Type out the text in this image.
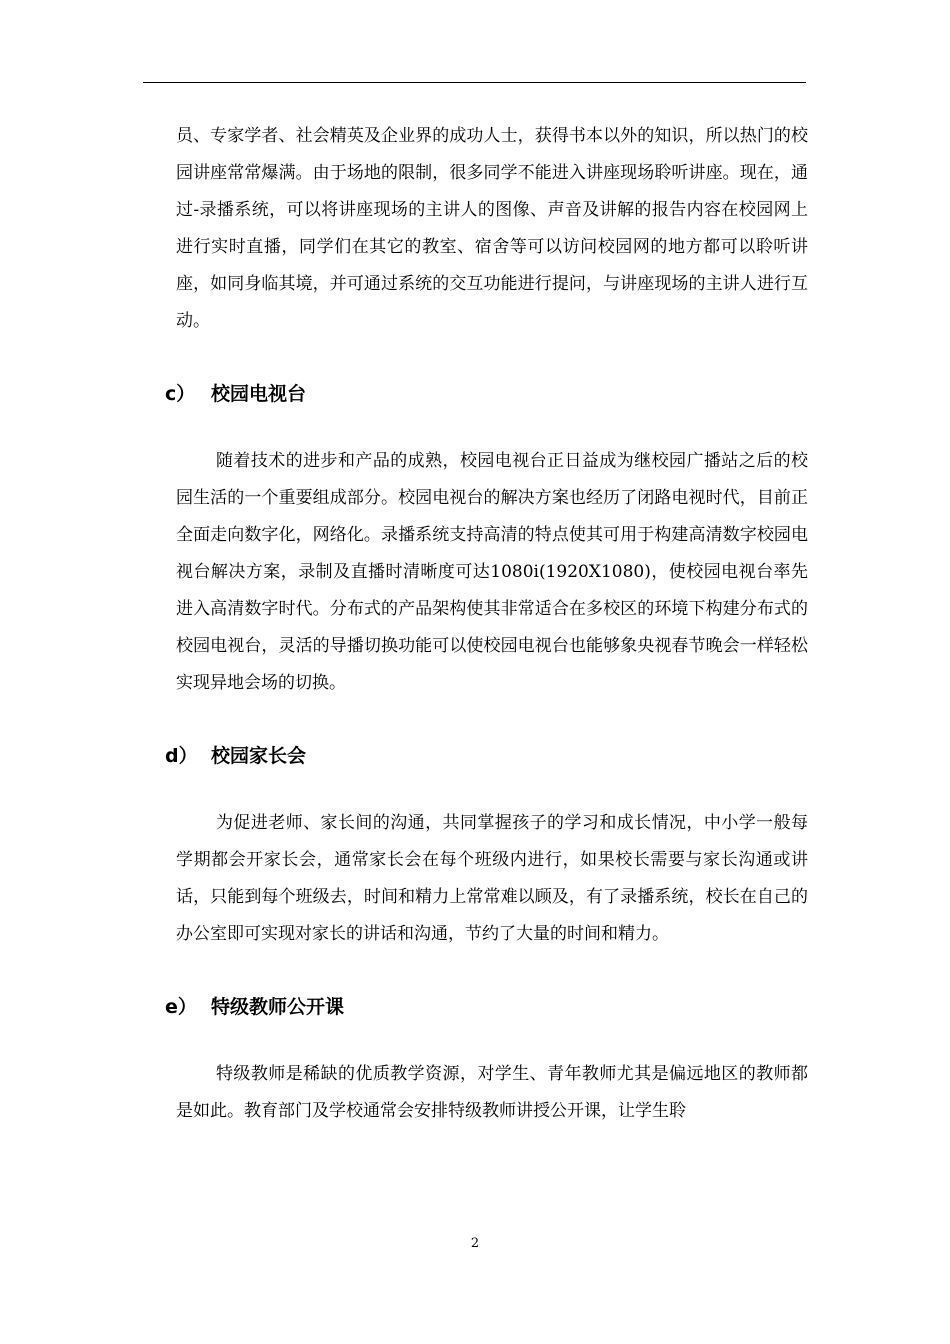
员、专家学者、社会精英及企业界的成功人士，获得书本以外的知识，所以热门的校园讲座常常爆满。由于场地的限制，很多同学不能进入讲座现场聆听讲座。现在，通过-录播系统，可以将讲座现场的主讲人的图像、声音及讲解的报告内容在校园网上进行实时直播，同学们在其它的教室、宿舍等可以访问校园网的地方都可以聆听讲座，如同身临其境，并可通过系统的交互功能进行提问，与讲座现场的主讲人进行互动。

c） 校园电视台

随着技术的进步和产品的成熟，校园电视台正日益成为继校园广播站之后的校园生活的一个重要组成部分。校园电视台的解决方案也经历了闭路电视时代，目前正全面走向数字化，网络化。录播系统支持高清的特点使其可用于构建高清数字校园电视台解决方案，录制及直播时清晰度可达1080i(1920X1080)，使校园电视台率先进入高清数字时代。分布式的产品架构使其非常适合在多校区的环境下构建分布式的校园电视台，灵活的导播切换功能可以使校园电视台也能够象央视春节晚会一样轻松实现异地会场的切换。

d） 校园家长会

为促进老师、家长间的沟通，共同掌握孩子的学习和成长情况，中小学一般每学期都会开家长会，通常家长会在每个班级内进行，如果校长需要与家长沟通或讲话，只能到每个班级去，时间和精力上常常难以顾及，有了录播系统，校长在自己的办公室即可实现对家长的讲话和沟通，节约了大量的时间和精力。

e） 特级教师公开课

特级教师是稀缺的优质教学资源，对学生、青年教师尤其是偏远地区的教师都是如此。教育部门及学校通常会安排特级教师讲授公开课，让学生聆

2
